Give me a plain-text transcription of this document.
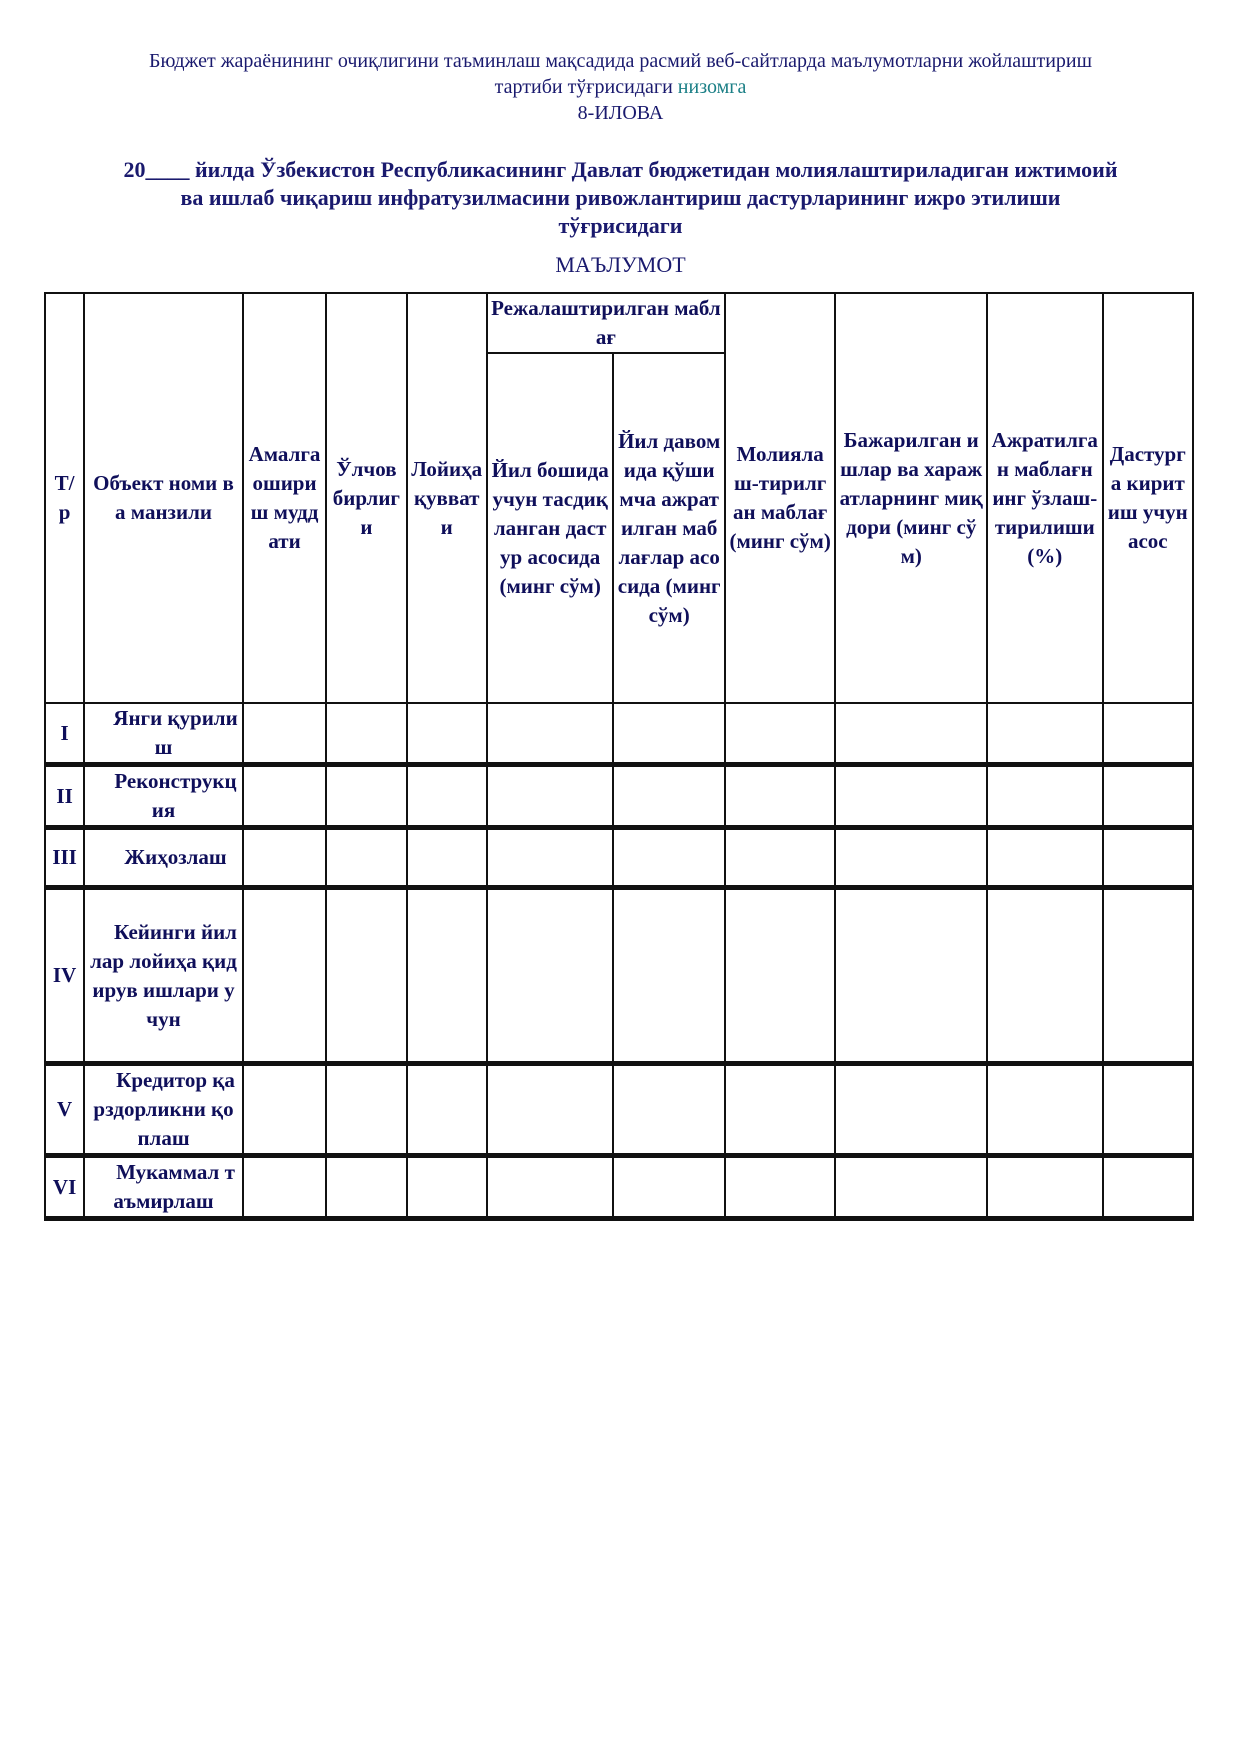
Бюджет жараёнининг очиқлигини таъминлаш мақсадида расмий веб-сайтларда маълумотларни жойлаштириш
тартиби тўғрисидаги низомга
8-ИЛОВА
20____ йилда Ўзбекистон Республикасининг Давлат бюджетидан молиялаштириладиган ижтимоий
ва ишлаб чиқариш инфратузилмасини ривожлантириш дастурларининг ижро этилиши
тўғрисидаги
МАЪЛУМОТ
Т/р	Объект номи ва манзили	Амалга ошириш муддати	Ўлчов бирлиги	Лойиҳа қуввати	Режалаштирилган маблағ		Молиялаш-тирилган маблағ (минг сўм)	Бажарилган ишлар ва харажатларнинг миқдори (минг сўм)	Ажратилган маблағнинг ўзлаш-тирилиши (%)	Дастурга киритиш учун асос
					Йил бошида учун тасдиқланган дастур асосида (минг сўм)	Йил давомида қўшимча ажратилган маблағлар асосида (минг сўм)				
I	Янги қурилиш									
II	Реконструкция									
III	Жиҳозлаш									
IV	Кейинги йиллар лойиҳа қидирув ишлари учун									
V	Кредитор қарздорликни қоплаш									
VI	Мукаммал таъмирлаш									
